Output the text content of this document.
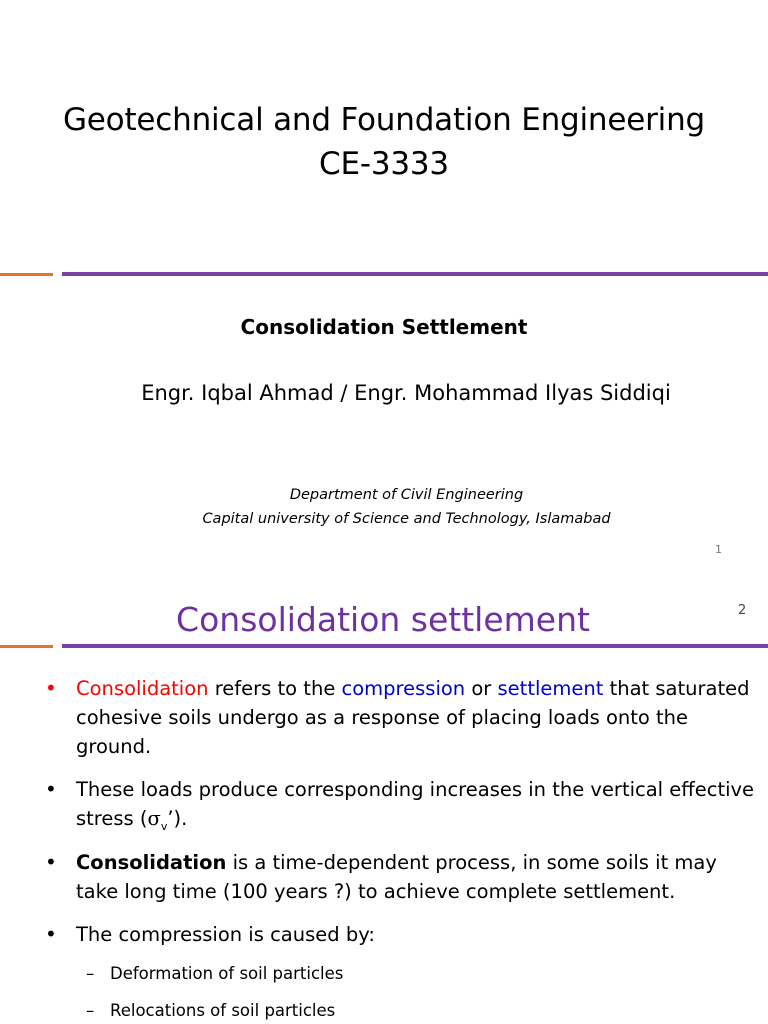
Geotechnical and Foundation Engineering
CE-3333
Consolidation Settlement
Engr. Iqbal Ahmad / Engr. Mohammad Ilyas Siddiqi
Department of Civil Engineering
Capital university of Science and Technology, Islamabad
1
2
Consolidation settlement
• Consolidation refers to the compression or settlement that saturated cohesive soils undergo as a response of placing loads onto the ground.
• These loads produce corresponding increases in the vertical effective stress $(\sigma_v’)$.
• Consolidation is a time-dependent process, in some soils it may take long time (100 years ?) to achieve complete settlement.
• The compression is caused by:
– Deformation of soil particles
– Relocations of soil particles
